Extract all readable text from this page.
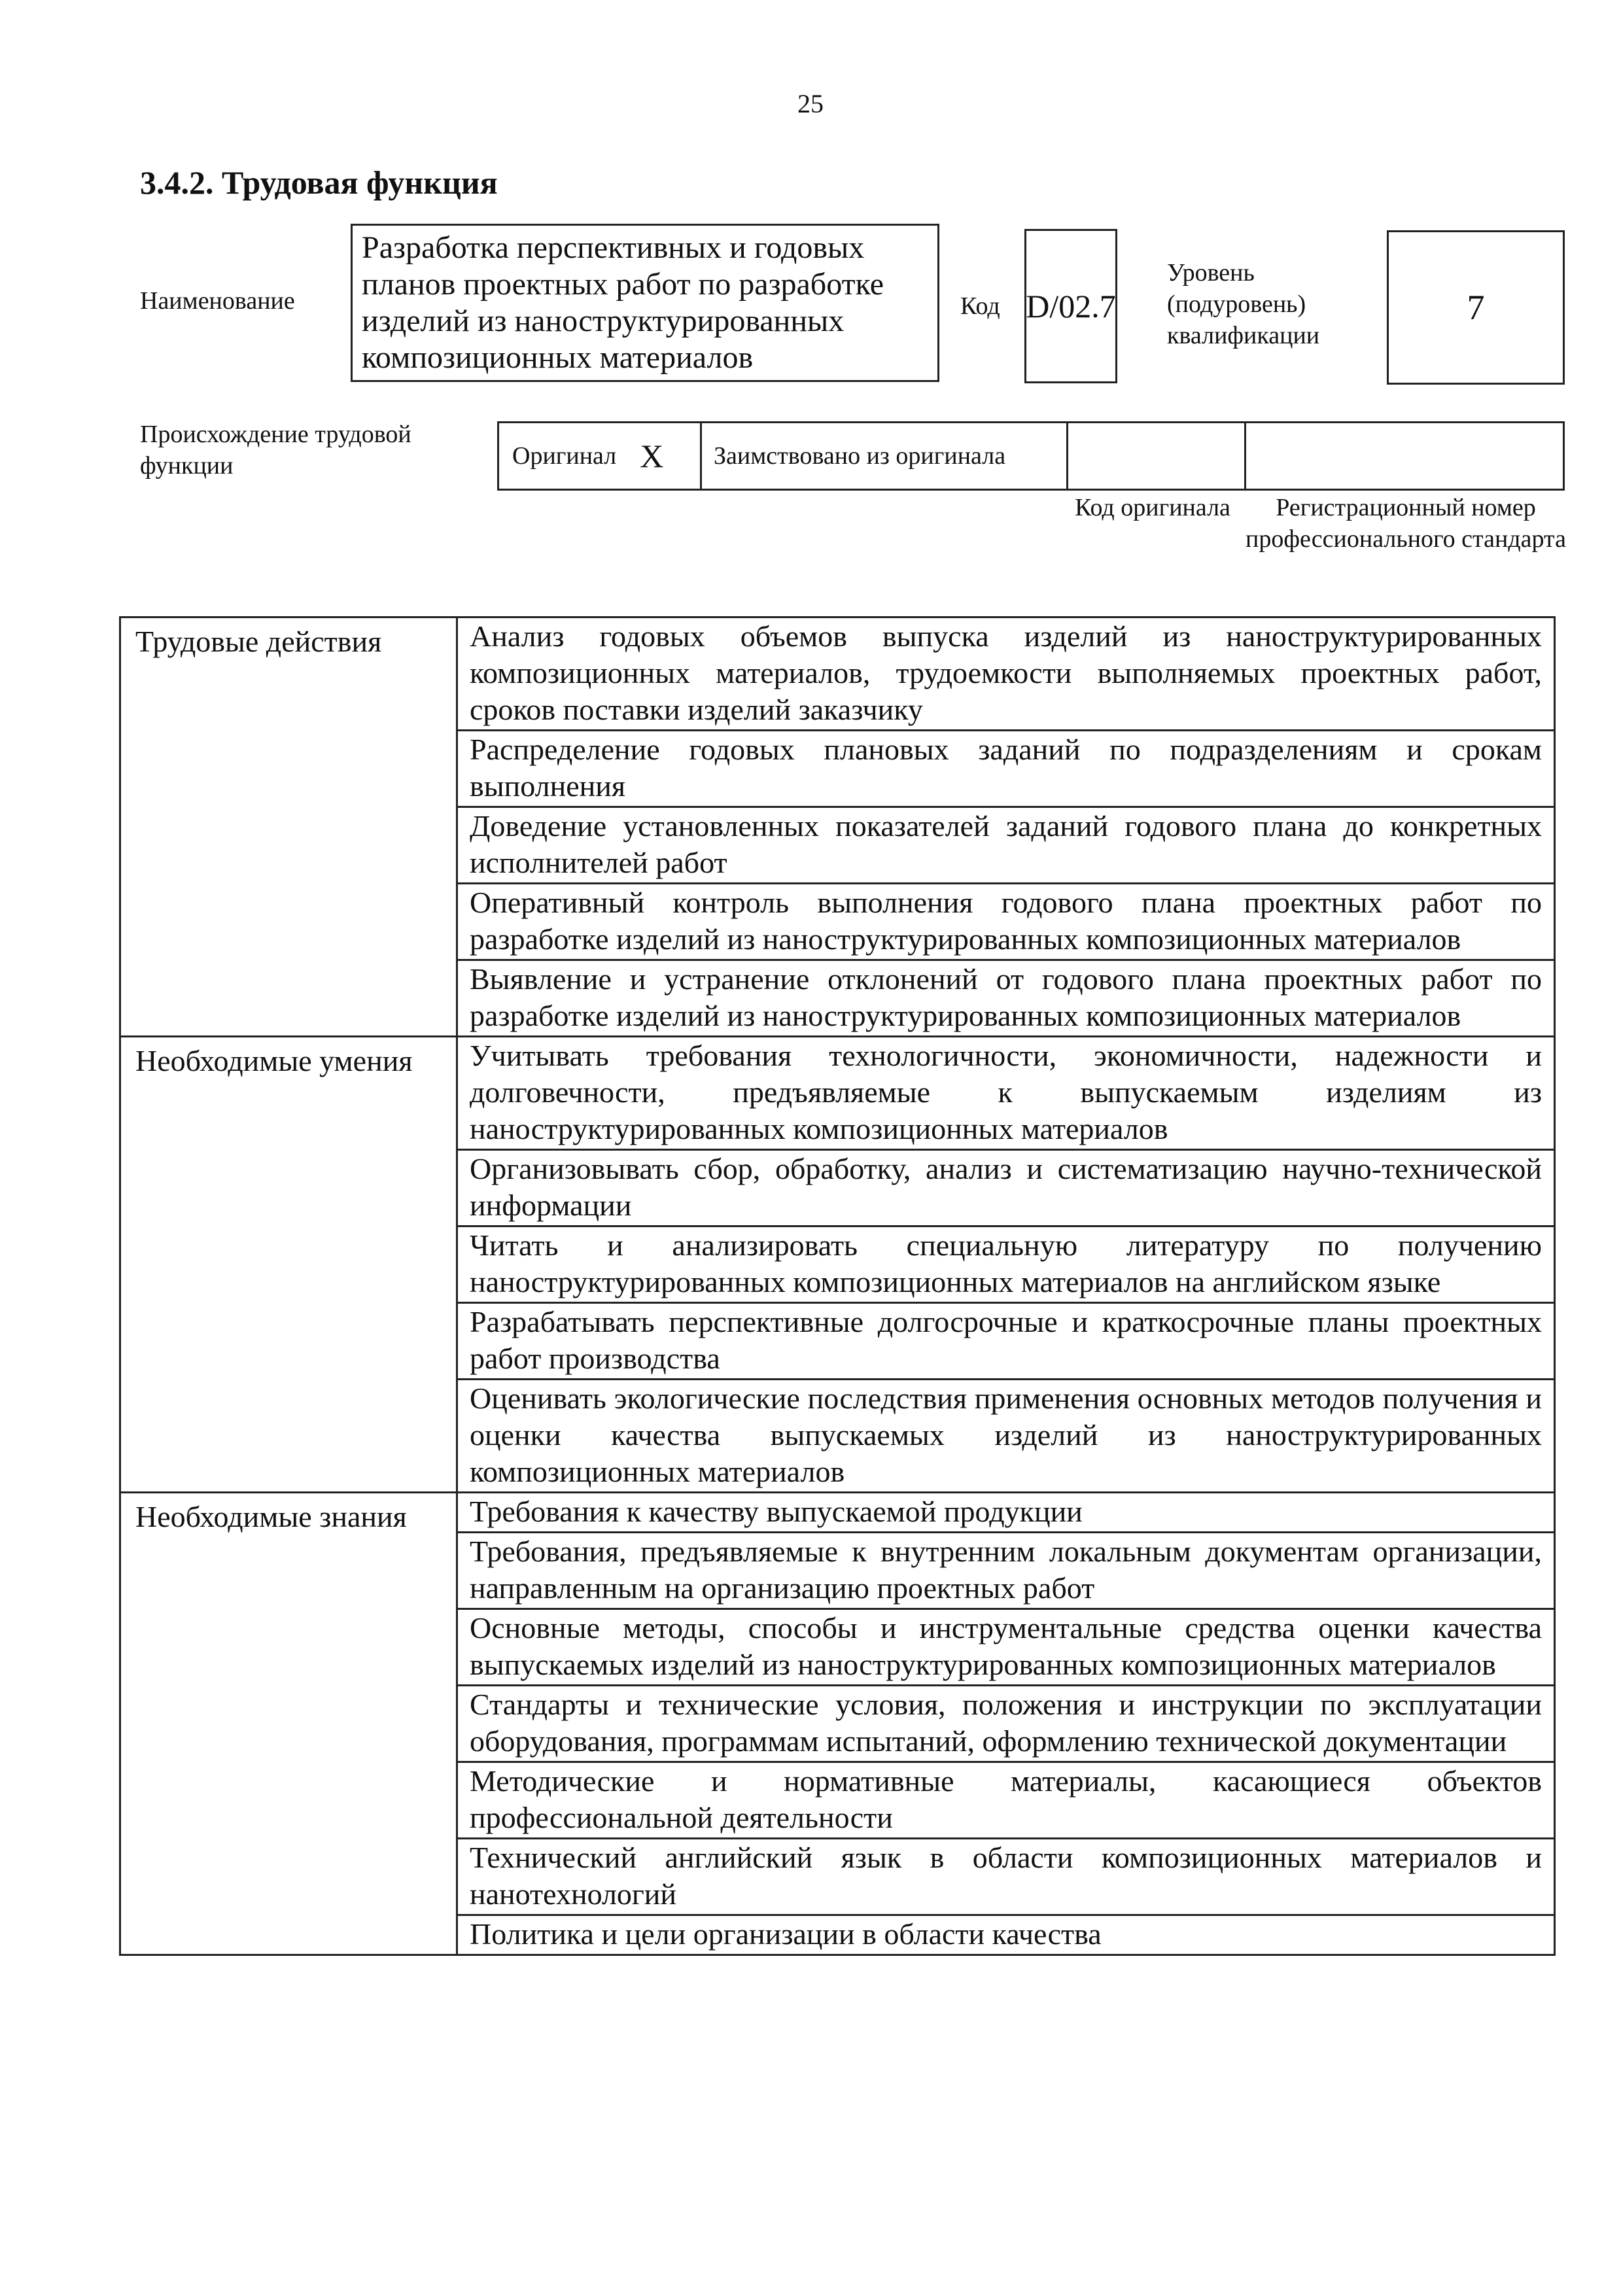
25
3.4.2. Трудовая функция
Наименование
Разработка перспективных и годовых планов проектных работ по разработке изделий из наноструктурированных композиционных материалов
Код D/02.7
Уровень (подуровень) квалификации
7
Происхождение трудовой функции	Оригинал X Заимствовано из оригинала
Код оригинала	Регистрационный номер профессионального стандарта
Трудовые действия	Анализ годовых объемов выпуска изделий из наноструктурированных композиционных материалов, трудоемкости выполняемых проектных работ, сроков поставки изделий заказчику
	Распределение годовых плановых заданий по подразделениям и срокам выполнения
	Доведение установленных показателей заданий годового плана до конкретных исполнителей работ
	Оперативный контроль выполнения годового плана проектных работ по разработке изделий из наноструктурированных композиционных материалов
	Выявление и устранение отклонений от годового плана проектных работ по разработке изделий из наноструктурированных композиционных материалов
Необходимые умения	Учитывать требования технологичности, экономичности, надежности и долговечности, предъявляемые к выпускаемым изделиям из наноструктурированных композиционных материалов
	Организовывать сбор, обработку, анализ и систематизацию научно-технической информации
	Читать и анализировать специальную литературу по получению наноструктурированных композиционных материалов на английском языке
	Разрабатывать перспективные долгосрочные и краткосрочные планы проектных работ производства
	Оценивать экологические последствия применения основных методов получения и оценки качества выпускаемых изделий из наноструктурированных композиционных материалов
Необходимые знания	Требования к качеству выпускаемой продукции
	Требования, предъявляемые к внутренним локальным документам организации, направленным на организацию проектных работ
	Основные методы, способы и инструментальные средства оценки качества выпускаемых изделий из наноструктурированных композиционных материалов
	Стандарты и технические условия, положения и инструкции по эксплуатации оборудования, программам испытаний, оформлению технической документации
	Методические и нормативные материалы, касающиеся объектов профессиональной деятельности
	Технический английский язык в области композиционных материалов и нанотехнологий
	Политика и цели организации в области качества
